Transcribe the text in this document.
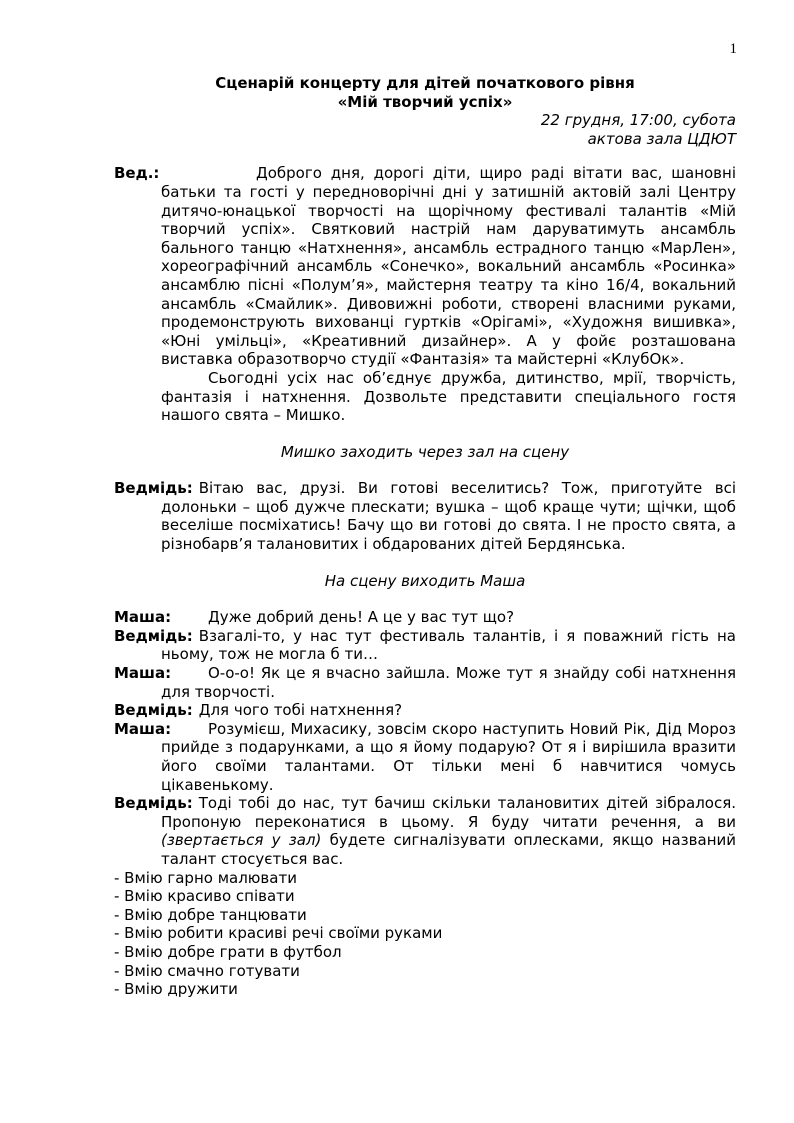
1

Сценарій концерту для дітей початкового рівня

«Мій творчий успіх»

22 грудня, 17:00, субота

актова зала ЦДЮТ

Вед.:	Доброго дня, дорогі діти, щиро раді вітати вас, шановні батьки та гості у передноворічні дні у затишній актовій залі Центру дитячо-юнацької творчості на щорічному фестивалі талантів «Мій творчий успіх». Святковий настрій нам даруватимуть ансамбль бального танцю «Натхнення», ансамбль естрадного танцю «МарЛен», хореографічний ансамбль «Сонечко», вокальний ансамбль «Росинка» ансамблю пісні «Полум’я», майстерня театру та кіно 16/4, вокальний ансамбль «Смайлик». Дивовижні роботи, створені власними руками, продемонструють вихованці гуртків «Орігамі», «Художня вишивка», «Юні умільці», «Креативний дизайнер». А у фойє розташована виставка образотворчо студії «Фантазія» та майстерні «КлубОк».

Сьогодні усіх нас об’єднує дружба, дитинство, мрії, творчість, фантазія і натхнення. Дозвольте представити спеціального гостя нашого свята – Мишко.

Мишко заходить через зал на сцену

Ведмідь: Вітаю вас, друзі. Ви готові веселитись? Тож, приготуйте всі долоньки – щоб дужче плескати; вушка – щоб краще чути; щічки, щоб веселіше посміхатись! Бачу що ви готові до свята. І не просто свята, а різнобарв’я талановитих і обдарованих дітей Бердянська.

На сцену виходить Маша

Маша: Дуже добрий день! А це у вас тут що?

Ведмідь: Взагалі-то, у нас тут фестиваль талантів, і я поважний гість на ньому, тож не могла б ти…

Маша: О-о-о! Як це я вчасно зайшла. Може тут я знайду собі натхнення для творчості.

Ведмідь: Для чого тобі натхнення?

Маша: Розумієш, Михасику, зовсім скоро наступить Новий Рік, Дід Мороз прийде з подарунками, а що я йому подарую? От я і вирішила вразити його своїми талантами. От тільки мені б навчитися чомусь цікавенькому.

Ведмідь: Тоді тобі до нас, тут бачиш скільки талановитих дітей зібралося. Пропоную переконатися в цьому. Я буду читати речення, а ви (звертається у зал) будете сигналізувати оплесками, якщо названий талант стосується вас.

- Вмію гарно малювати

- Вмію красиво співати

- Вмію добре танцювати

- Вмію робити красиві речі своїми руками

- Вмію добре грати в футбол

- Вмію смачно готувати

- Вмію дружити
